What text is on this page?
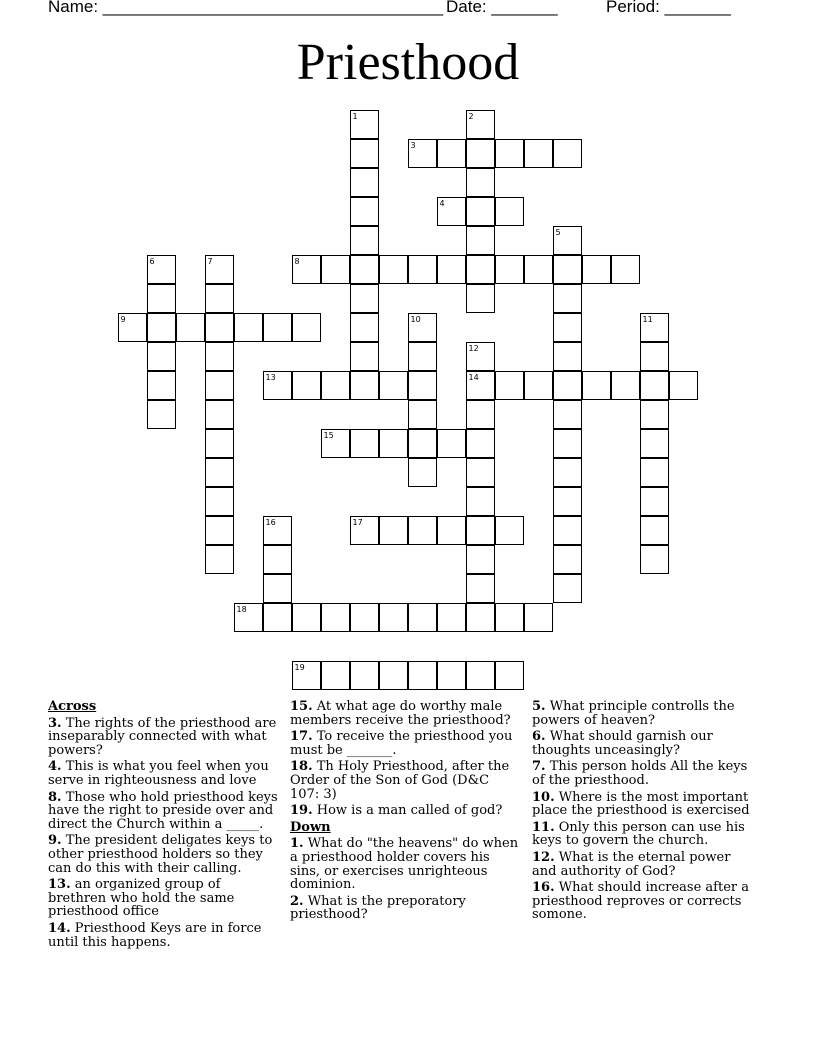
Name: ____________________________________ Date: _______	Period: _______
Priesthood
3
4
8
9
13	14
15
17
18
19
1	2
5
6	7
10	11
12
16
Across
3. The rights of the priesthood are inseparably connected with what powers?
4. This is what you feel when you serve in righteousness and love
8. Those who hold priesthood keys have the right to preside over and direct the Church within a _____.
9. The president deligates keys to other priesthood holders so they can do this with their calling.
13. an organized group of brethren who hold the same priesthood office
14. Priesthood Keys are in force until this happens.
15. At what age do worthy male members receive the priesthood?
17. To receive the priesthood you must be _______.
18. Th Holy Priesthood, after the Order of the Son of God (D&C 107: 3)
19. How is a man called of god?
Down
1. What do "the heavens" do when a priesthood holder covers his sins, or exercises unrighteous dominion.
2. What is the preporatory priesthood?
5. What principle controlls the powers of heaven?
6. What should garnish our thoughts unceasingly?
7. This person holds All the keys of the priesthood.
10. Where is the most important place the priesthood is exercised
11. Only this person can use his keys to govern the church.
12. What is the eternal power and authority of God?
16. What should increase after a priesthood reproves or corrects somone.
